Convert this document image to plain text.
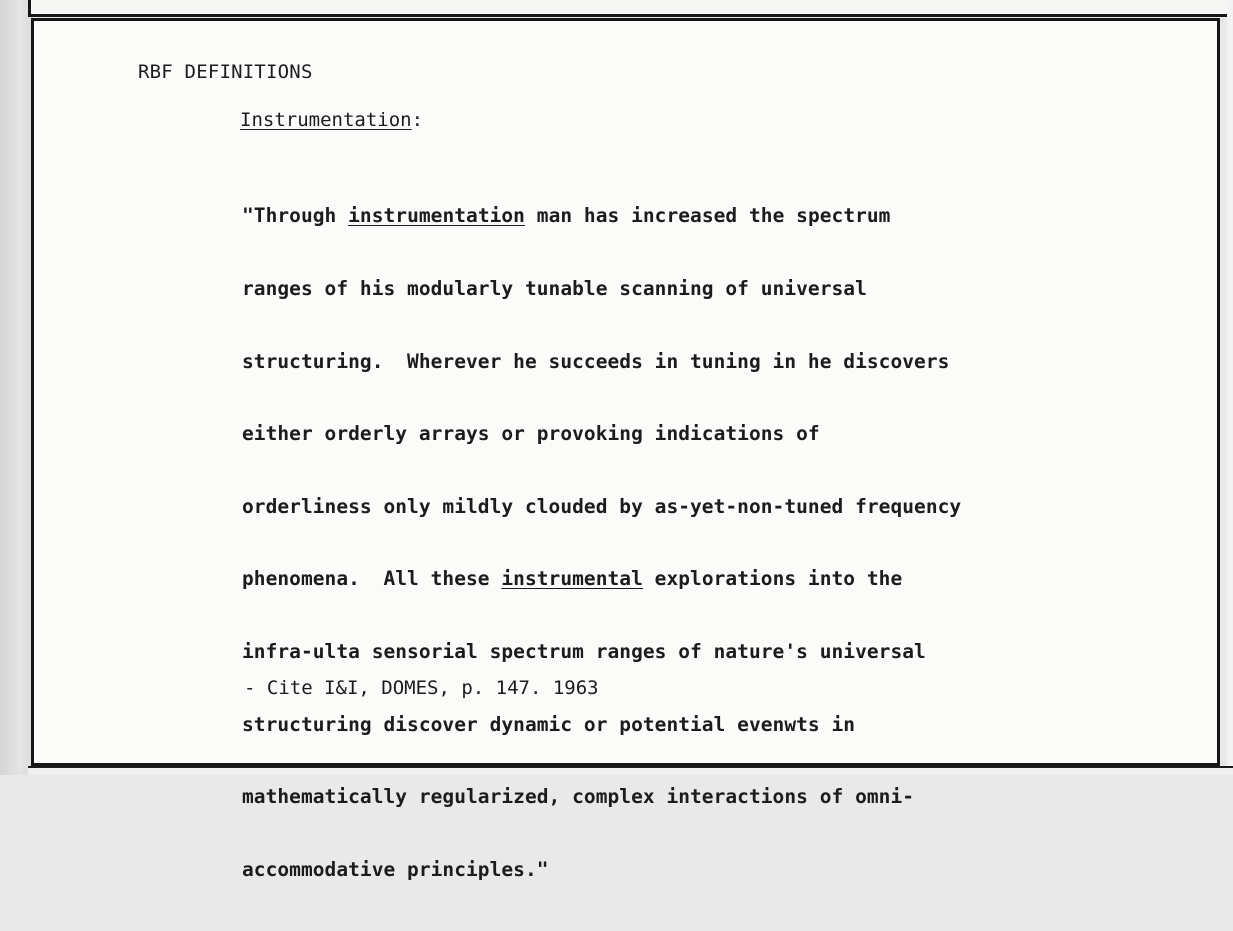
RBF DEFINITIONS
Instrumentation:

"Through instrumentation man has increased the spectrum

ranges of his modularly tunable scanning of universal

structuring.  Wherever he succeeds in tuning in he discovers

either orderly arrays or provoking indications of

orderliness only mildly clouded by as-yet-non-tuned frequency

phenomena.  All these instrumental explorations into the

infra-ulta sensorial spectrum ranges of nature's universal

structuring discover dynamic or potential evenwts in

mathematically regularized, complex interactions of omni-

accommodative principles."

- Cite I&I, DOMES, p. 147. 1963
